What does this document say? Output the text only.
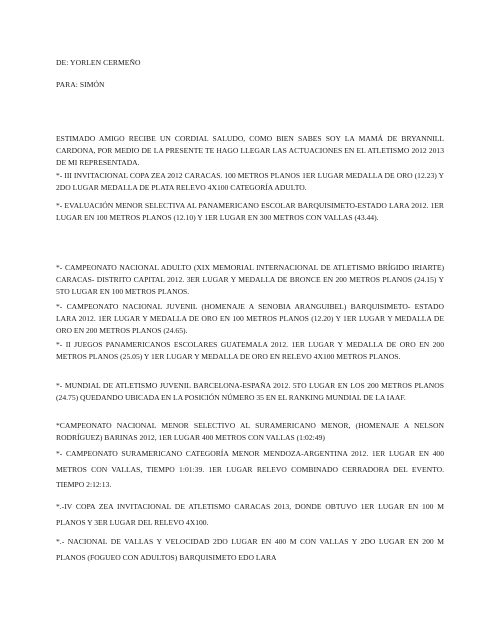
DE: YORLEN CERMEÑO
PARA: SIMÓN
ESTIMADO AMIGO RECIBE UN CORDIAL SALUDO, COMO BIEN SABES SOY LA MAMÁ DE BRYANNILL CARDONA, POR MEDIO DE LA PRESENTE TE HAGO LLEGAR LAS ACTUACIONES EN EL ATLETISMO 2012 2013 DE MI REPRESENTADA.
*- III INVITACIONAL COPA ZEA 2012 CARACAS. 100 METROS PLANOS 1ER LUGAR MEDALLA DE ORO (12.23) Y 2DO LUGAR MEDALLA DE PLATA RELEVO 4X100 CATEGORÍA ADULTO.
*- EVALUACIÓN MENOR SELECTIVA AL PANAMERICANO ESCOLAR BARQUISIMETO-ESTADO LARA 2012. 1ER LUGAR EN 100 METROS PLANOS (12.10) Y 1ER LUGAR EN 300 METROS CON VALLAS (43.44).
*- CAMPEONATO NACIONAL ADULTO (XIX MEMORIAL INTERNACIONAL DE ATLETISMO BRÍGIDO IRIARTE) CARACAS- DISTRITO CAPITAL 2012. 3ER LUGAR Y MEDALLA DE BRONCE EN 200 METROS PLANOS (24.15) Y 5TO LUGAR EN 100 METROS PLANOS.
*- CAMPEONATO NACIONAL JUVENIL (HOMENAJE A SENOBIA ARANGUIBEL) BARQUISIMETO- ESTADO LARA 2012. 1ER LUGAR Y MEDALLA DE ORO EN 100 METROS PLANOS (12.20) Y 1ER LUGAR Y MEDALLA DE ORO EN 200 METROS PLANOS (24.65).
*- II JUEGOS PANAMERICANOS ESCOLARES GUATEMALA 2012. 1ER LUGAR Y MEDALLA DE ORO EN 200 METROS PLANOS (25.05) Y 1ER LUGAR Y MEDALLA DE ORO EN RELEVO 4X100 METROS PLANOS.
*- MUNDIAL DE ATLETISMO JUVENIL BARCELONA-ESPAÑA 2012. 5TO LUGAR EN LOS 200 METROS PLANOS (24.75) QUEDANDO UBICADA EN LA POSICIÓN NÚMERO 35 EN EL RANKING MUNDIAL DE LA IAAF.
*CAMPEONATO NACIONAL MENOR SELECTIVO AL SURAMERICANO MENOR, (HOMENAJE A NELSON RODRÍGUEZ) BARINAS 2012, 1ER LUGAR 400 METROS CON VALLAS (1:02:49)
*- CAMPEONATO SURAMERICANO CATEGORÍA MENOR MENDOZA-ARGENTINA 2012. 1ER LUGAR EN 400 METROS CON VALLAS, TIEMPO 1:01:39. 1ER LUGAR RELEVO COMBINADO CERRADORA DEL EVENTO. TIEMPO 2:12:13.
*.-IV COPA ZEA INVITACIONAL DE ATLETISMO CARACAS 2013, DONDE OBTUVO 1ER LUGAR EN 100 M PLANOS Y 3ER LUGAR DEL RELEVO 4X100.
*.- NACIONAL DE VALLAS Y VELOCIDAD 2DO LUGAR EN 400 M CON VALLAS Y 2DO LUGAR EN 200 M PLANOS (FOGUEO CON ADULTOS) BARQUISIMETO EDO LARA
